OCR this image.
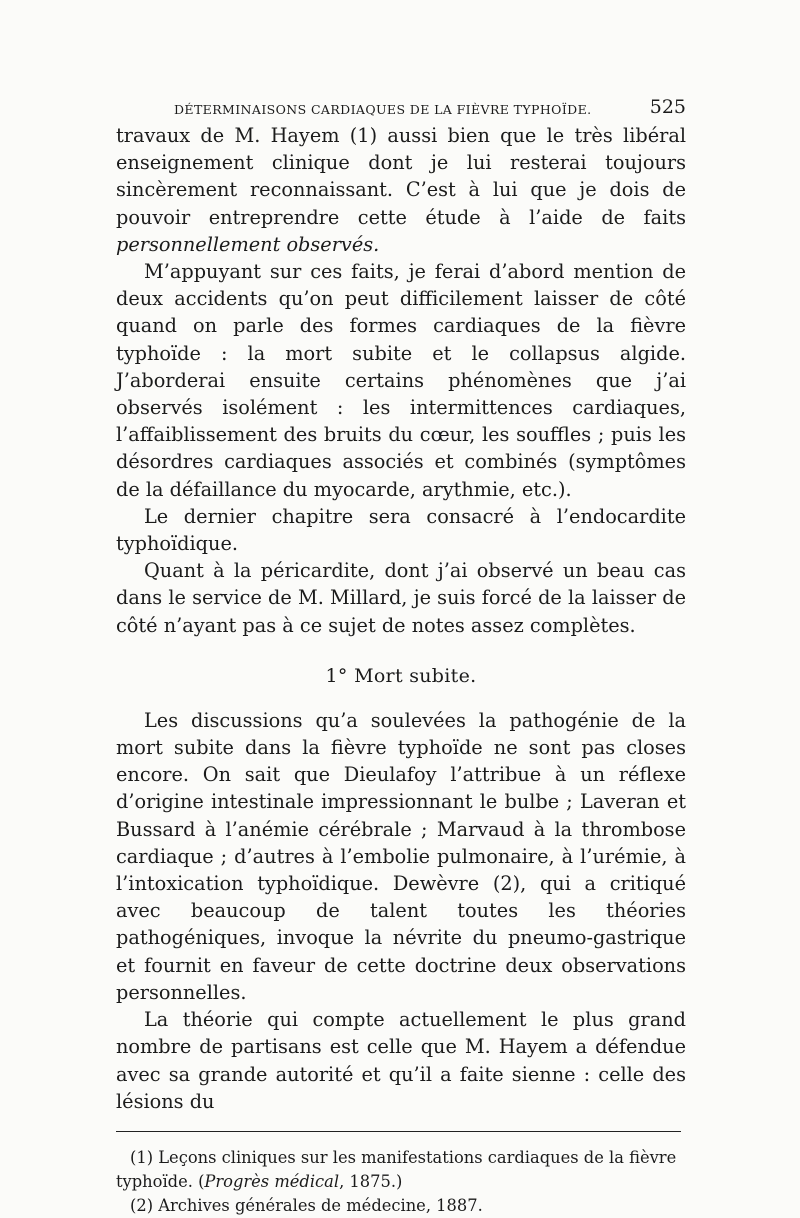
DÉTERMINAISONS CARDIAQUES DE LA FIÈVRE TYPHOÏDE.	525

travaux de M. Hayem (1) aussi bien que le très libéral enseignement clinique dont je lui resterai toujours sincèrement reconnaissant. C’est à lui que je dois de pouvoir entreprendre cette étude à l’aide de faits personnellement observés.

M’appuyant sur ces faits, je ferai d’abord mention de deux accidents qu’on peut difficilement laisser de côté quand on parle des formes cardiaques de la fièvre typhoïde : la mort subite et le collapsus algide. J’aborderai ensuite certains phénomènes que j’ai observés isolément : les intermittences cardiaques, l’affaiblissement des bruits du cœur, les souffles ; puis les désordres cardiaques associés et combinés (symptômes de la défaillance du myocarde, arythmie, etc.).

Le dernier chapitre sera consacré à l’endocardite typhoïdique.

Quant à la péricardite, dont j’ai observé un beau cas dans le service de M. Millard, je suis forcé de la laisser de côté n’ayant pas à ce sujet de notes assez complètes.

1° Mort subite.

Les discussions qu’a soulevées la pathogénie de la mort subite dans la fièvre typhoïde ne sont pas closes encore. On sait que Dieulafoy l’attribue à un réflexe d’origine intestinale impressionnant le bulbe ; Laveran et Bussard à l’anémie cérébrale ; Marvaud à la thrombose cardiaque ; d’autres à l’embolie pulmonaire, à l’urémie, à l’intoxication typhoïdique. Dewèvre (2), qui a critiqué avec beaucoup de talent toutes les théories pathogéniques, invoque la névrite du pneumo-gastrique et fournit en faveur de cette doctrine deux observations personnelles.

La théorie qui compte actuellement le plus grand nombre de partisans est celle que M. Hayem a défendue avec sa grande autorité et qu’il a faite sienne : celle des lésions du

(1) Leçons cliniques sur les manifestations cardiaques de la fièvre typhoïde. (Progrès médical, 1875.)

(2) Archives générales de médecine, 1887.
